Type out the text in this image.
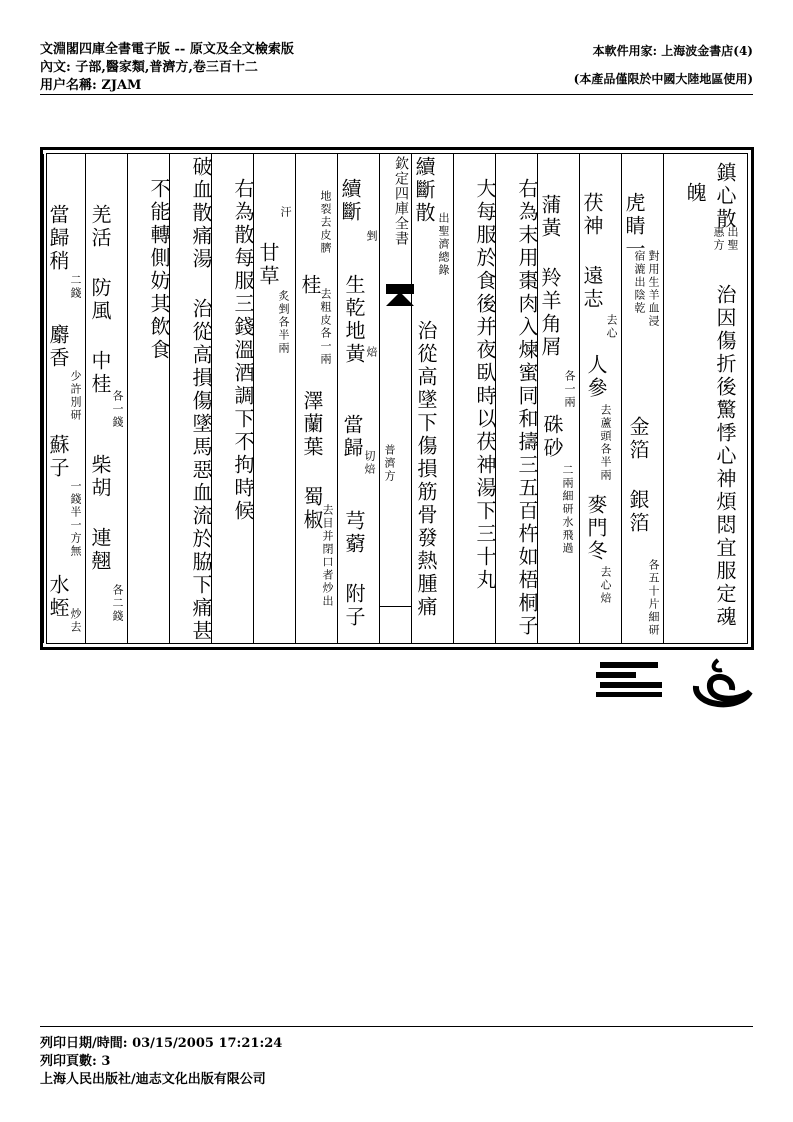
文淵閣四庫全書電子版 -- 原文及全文檢索版
內文: 子部,醫家類,普濟方,卷三百十二
用户名稱: ZJAM
本軟件用家: 上海波金書店(4)
(本產品僅限於中國大陸地區使用)
鎮心散
出聖
惠方
治因傷折後驚悸心神煩悶宜服定魂
魄
虎睛一
對用生羊血浸
宿漉出陰乾
金箔 銀箔
各五十片細研
茯神 遠志
去心
人參
去蘆頭各半兩
麥門冬
去心焙
蒲黃 羚羊角屑
各一兩
硃砂
二兩細研水飛過
右為末用棗肉入煉蜜同和擣三五百杵如梧桐子
大每服於食後并夜臥時以茯神湯下三十丸
續斷散
出聖濟總錄
治從高墜下傷損筋骨發熱腫痛
欽定四庫全書
普濟方
續斷
剉
生乾地黃 焙
當歸
切焙
芎藭 附子
地裂去皮臍
桂
去粗皮各一兩
澤蘭葉 蜀椒
去目并閉口者炒出
汗
甘草
炙剉各半兩
右為散每服三錢溫酒調下不拘時候
破血散痛湯 治從高損傷墜馬惡血流於脇下痛甚
不能轉側妨其飲食
羌活 防風 中桂
各一錢
柴胡 連翹
各二錢
當歸稍
二錢
麝香
少許別研
蘇子
一錢半一方無
水蛭
炒去
列印日期/時間: 03/15/2005 17:21:24
列印頁數: 3
上海人民出版社/迪志文化出版有限公司
